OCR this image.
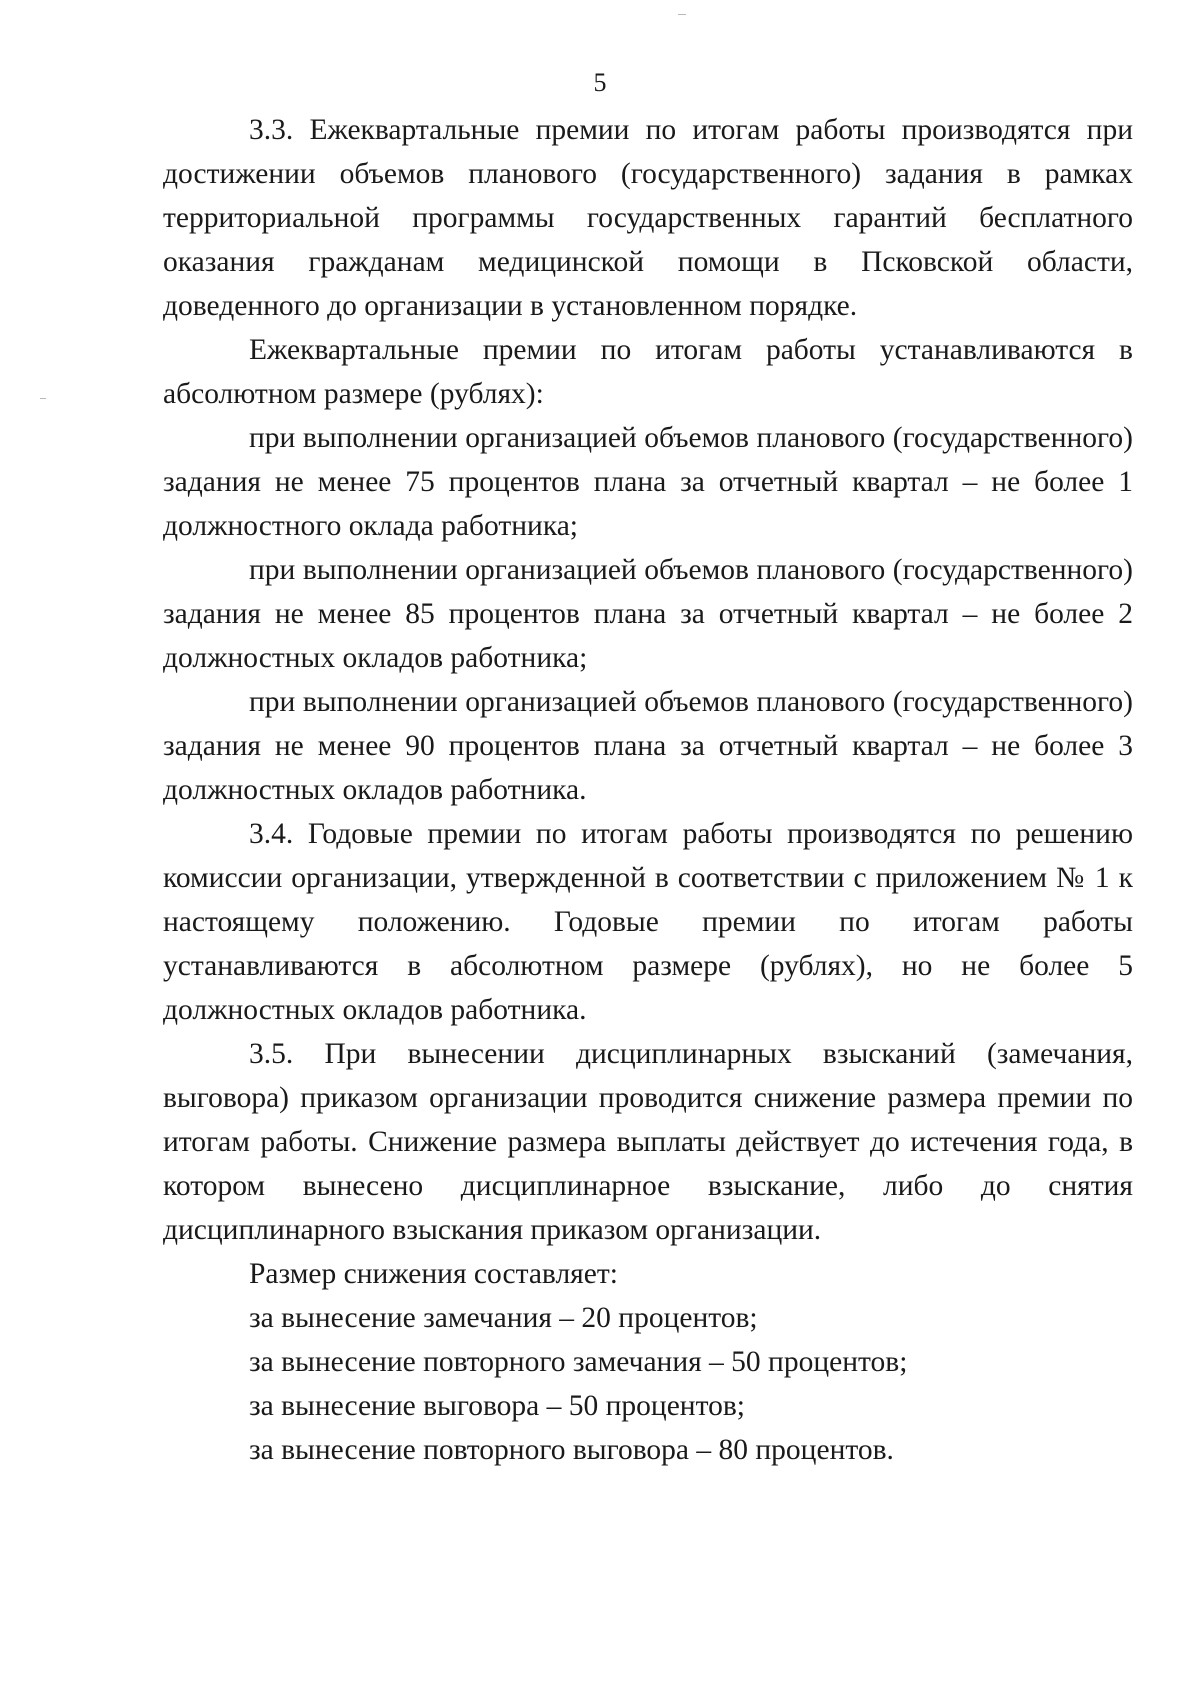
5

3.3. Ежеквартальные премии по итогам работы производятся при достижении объемов планового (государственного) задания в рамках территориальной программы государственных гарантий бесплатного оказания гражданам медицинской помощи в Псковской области, доведенного до организации в установленном порядке.

Ежеквартальные премии по итогам работы устанавливаются в абсолютном размере (рублях):

при выполнении организацией объемов планового (государственного) задания не менее 75 процентов плана за отчетный квартал – не более 1 должностного оклада работника;

при выполнении организацией объемов планового (государственного) задания не менее 85 процентов плана за отчетный квартал – не более 2 должностных окладов работника;

при выполнении организацией объемов планового (государственного) задания не менее 90 процентов плана за отчетный квартал – не более 3 должностных окладов работника.

3.4. Годовые премии по итогам работы производятся по решению комиссии организации, утвержденной в соответствии с приложением № 1 к настоящему положению. Годовые премии по итогам работы устанавливаются в абсолютном размере (рублях), но не более 5 должностных окладов работника.

3.5. При вынесении дисциплинарных взысканий (замечания, выговора) приказом организации проводится снижение размера премии по итогам работы. Снижение размера выплаты действует до истечения года, в котором вынесено дисциплинарное взыскание, либо до снятия дисциплинарного взыскания приказом организации.

Размер снижения составляет:

за вынесение замечания – 20 процентов;

за вынесение повторного замечания – 50 процентов;

за вынесение выговора – 50 процентов;

за вынесение повторного выговора – 80 процентов.
